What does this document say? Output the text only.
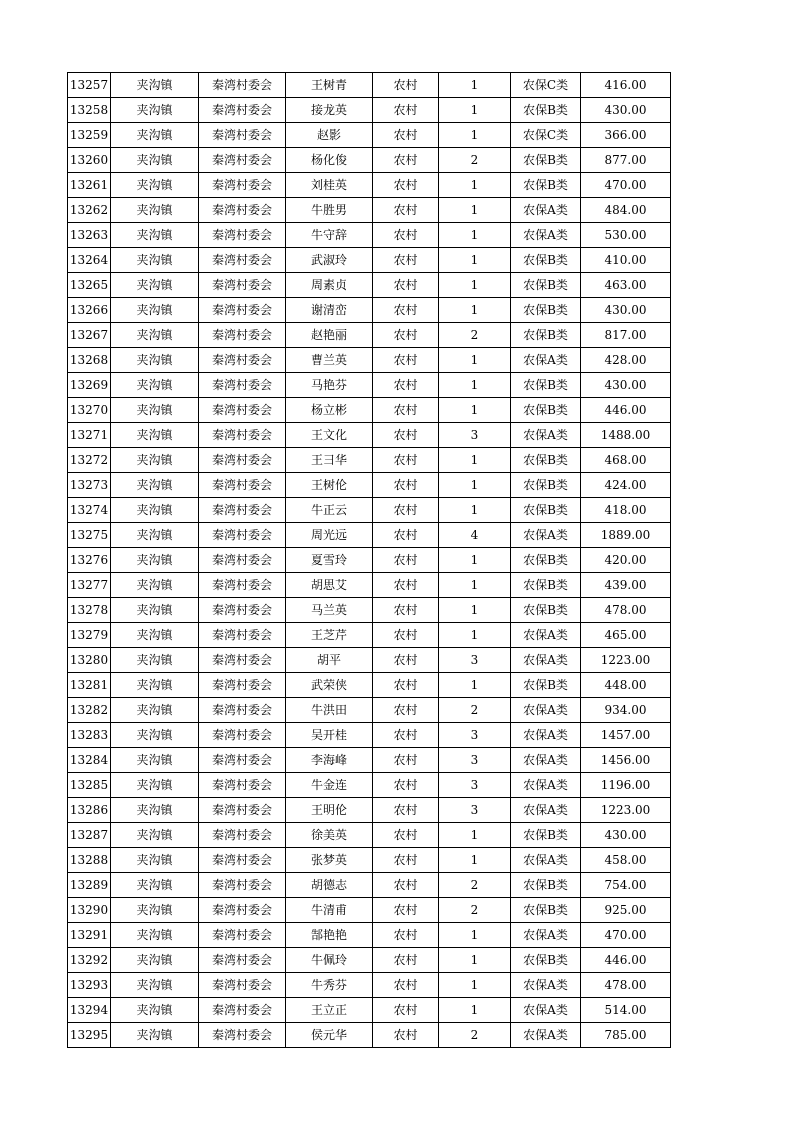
13257	夹沟镇	秦湾村委会	王树青	农村	1	农保C类	416.00
13258	夹沟镇	秦湾村委会	接龙英	农村	1	农保B类	430.00
13259	夹沟镇	秦湾村委会	赵影	农村	1	农保C类	366.00
13260	夹沟镇	秦湾村委会	杨化俊	农村	2	农保B类	877.00
13261	夹沟镇	秦湾村委会	刘桂英	农村	1	农保B类	470.00
13262	夹沟镇	秦湾村委会	牛胜男	农村	1	农保A类	484.00
13263	夹沟镇	秦湾村委会	牛守辞	农村	1	农保A类	530.00
13264	夹沟镇	秦湾村委会	武淑玲	农村	1	农保B类	410.00
13265	夹沟镇	秦湾村委会	周素贞	农村	1	农保B类	463.00
13266	夹沟镇	秦湾村委会	谢清峦	农村	1	农保B类	430.00
13267	夹沟镇	秦湾村委会	赵艳丽	农村	2	农保B类	817.00
13268	夹沟镇	秦湾村委会	曹兰英	农村	1	农保A类	428.00
13269	夹沟镇	秦湾村委会	马艳芬	农村	1	农保B类	430.00
13270	夹沟镇	秦湾村委会	杨立彬	农村	1	农保B类	446.00
13271	夹沟镇	秦湾村委会	王文化	农村	3	农保A类	1488.00
13272	夹沟镇	秦湾村委会	王彐华	农村	1	农保B类	468.00
13273	夹沟镇	秦湾村委会	王树伦	农村	1	农保B类	424.00
13274	夹沟镇	秦湾村委会	牛正云	农村	1	农保B类	418.00
13275	夹沟镇	秦湾村委会	周光远	农村	4	农保A类	1889.00
13276	夹沟镇	秦湾村委会	夏雪玲	农村	1	农保B类	420.00
13277	夹沟镇	秦湾村委会	胡思艾	农村	1	农保B类	439.00
13278	夹沟镇	秦湾村委会	马兰英	农村	1	农保B类	478.00
13279	夹沟镇	秦湾村委会	王芝芹	农村	1	农保A类	465.00
13280	夹沟镇	秦湾村委会	胡平	农村	3	农保A类	1223.00
13281	夹沟镇	秦湾村委会	武荣侠	农村	1	农保B类	448.00
13282	夹沟镇	秦湾村委会	牛洪田	农村	2	农保A类	934.00
13283	夹沟镇	秦湾村委会	吴开桂	农村	3	农保A类	1457.00
13284	夹沟镇	秦湾村委会	李海峰	农村	3	农保A类	1456.00
13285	夹沟镇	秦湾村委会	牛金连	农村	3	农保A类	1196.00
13286	夹沟镇	秦湾村委会	王明伦	农村	3	农保A类	1223.00
13287	夹沟镇	秦湾村委会	徐美英	农村	1	农保B类	430.00
13288	夹沟镇	秦湾村委会	张梦英	农村	1	农保A类	458.00
13289	夹沟镇	秦湾村委会	胡德志	农村	2	农保B类	754.00
13290	夹沟镇	秦湾村委会	牛清甫	农村	2	农保B类	925.00
13291	夹沟镇	秦湾村委会	郜艳艳	农村	1	农保A类	470.00
13292	夹沟镇	秦湾村委会	牛佩玲	农村	1	农保B类	446.00
13293	夹沟镇	秦湾村委会	牛秀芬	农村	1	农保A类	478.00
13294	夹沟镇	秦湾村委会	王立正	农村	1	农保A类	514.00
13295	夹沟镇	秦湾村委会	侯元华	农村	2	农保A类	785.00
